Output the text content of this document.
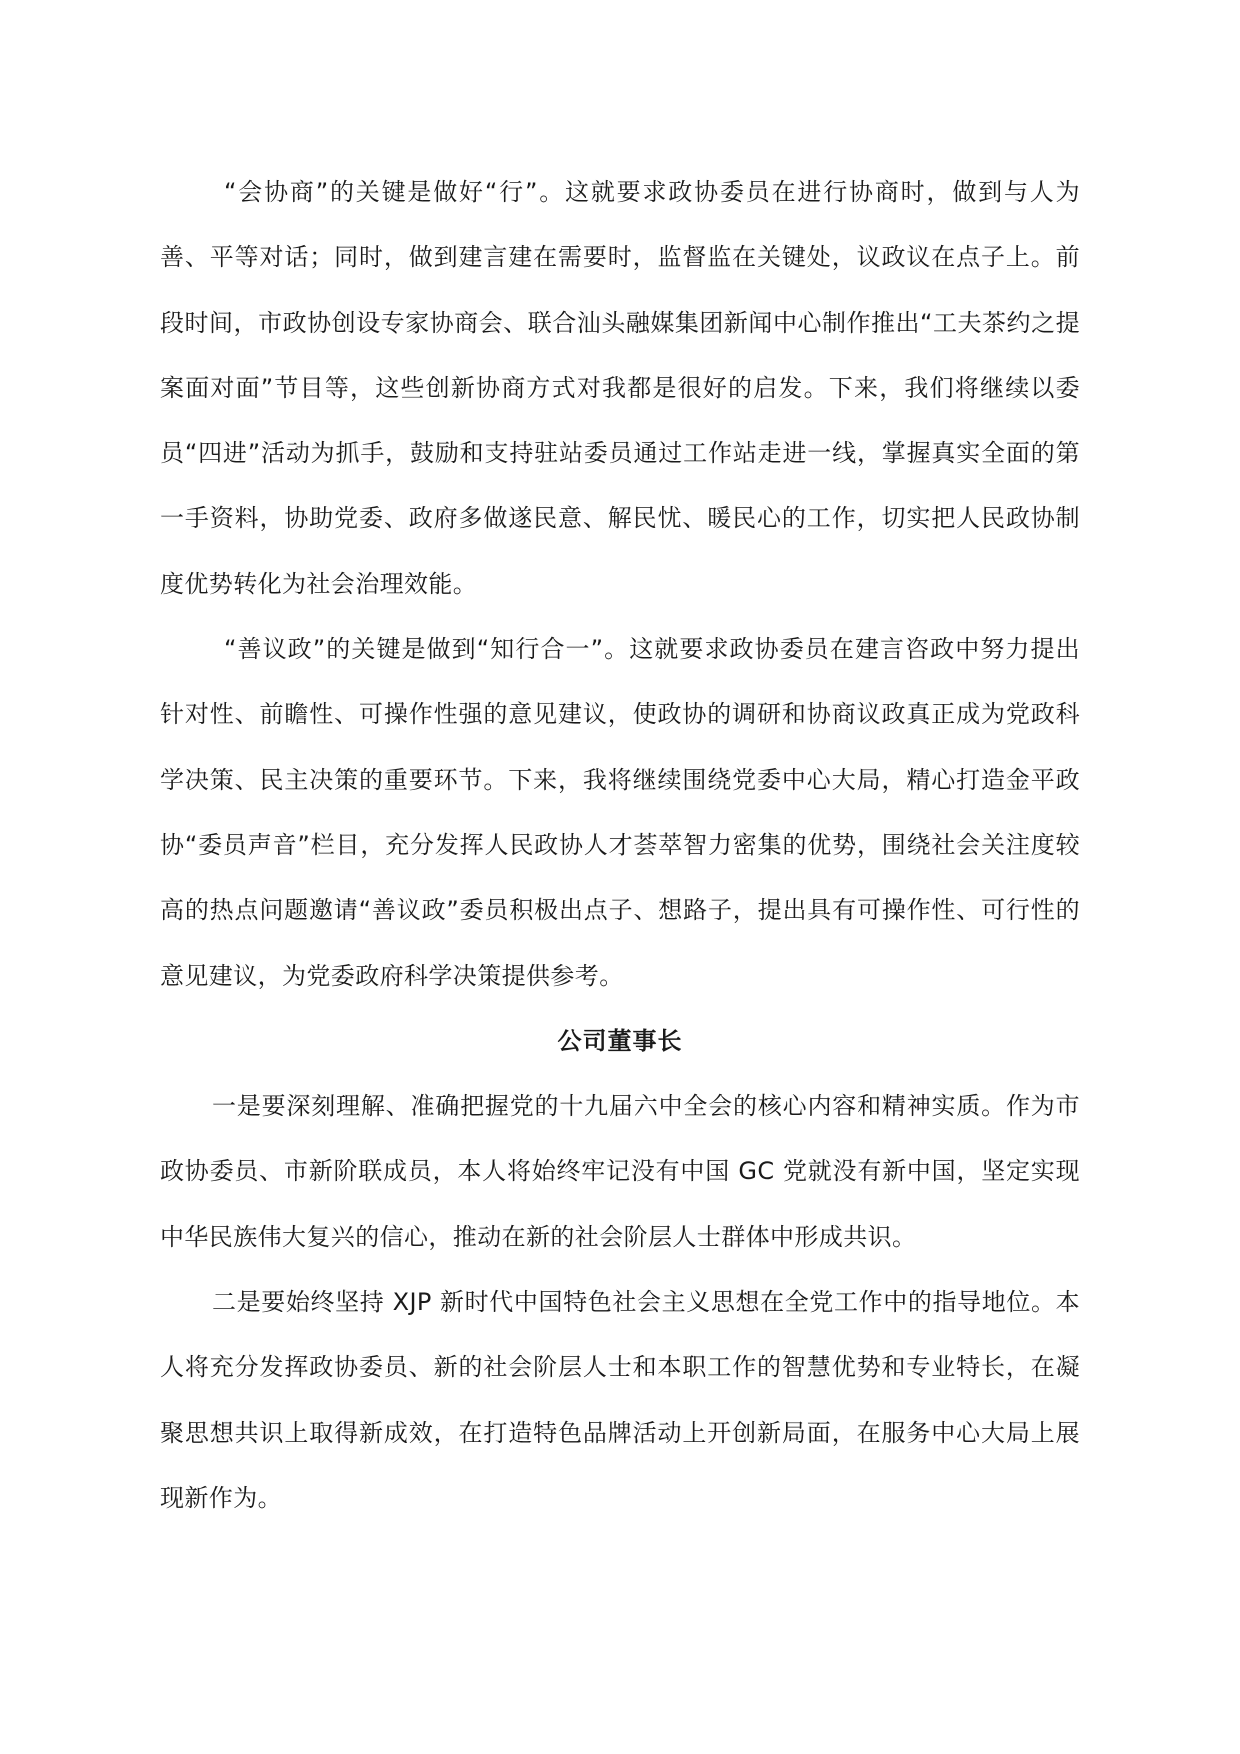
“会协商”的关键是做好“行”。这就要求政协委员在进行协商时，做到与人为善、平等对话；同时，做到建言建在需要时，监督监在关键处，议政议在点子上。前段时间，市政协创设专家协商会、联合汕头融媒集团新闻中心制作推出“工夫茶约之提案面对面”节目等，这些创新协商方式对我都是很好的启发。下来，我们将继续以委员“四进”活动为抓手，鼓励和支持驻站委员通过工作站走进一线，掌握真实全面的第一手资料，协助党委、政府多做遂民意、解民忧、暖民心的工作，切实把人民政协制度优势转化为社会治理效能。

“善议政”的关键是做到“知行合一”。这就要求政协委员在建言咨政中努力提出针对性、前瞻性、可操作性强的意见建议，使政协的调研和协商议政真正成为党政科学决策、民主决策的重要环节。下来，我将继续围绕党委中心大局，精心打造金平政协“委员声音”栏目，充分发挥人民政协人才荟萃智力密集的优势，围绕社会关注度较高的热点问题邀请“善议政”委员积极出点子、想路子，提出具有可操作性、可行性的意见建议，为党委政府科学决策提供参考。

公司董事长

一是要深刻理解、准确把握党的十九届六中全会的核心内容和精神实质。作为市政协委员、市新阶联成员，本人将始终牢记没有中国 GC 党就没有新中国，坚定实现中华民族伟大复兴的信心，推动在新的社会阶层人士群体中形成共识。

二是要始终坚持 XJP 新时代中国特色社会主义思想在全党工作中的指导地位。本人将充分发挥政协委员、新的社会阶层人士和本职工作的智慧优势和专业特长，在凝聚思想共识上取得新成效，在打造特色品牌活动上开创新局面，在服务中心大局上展现新作为。
